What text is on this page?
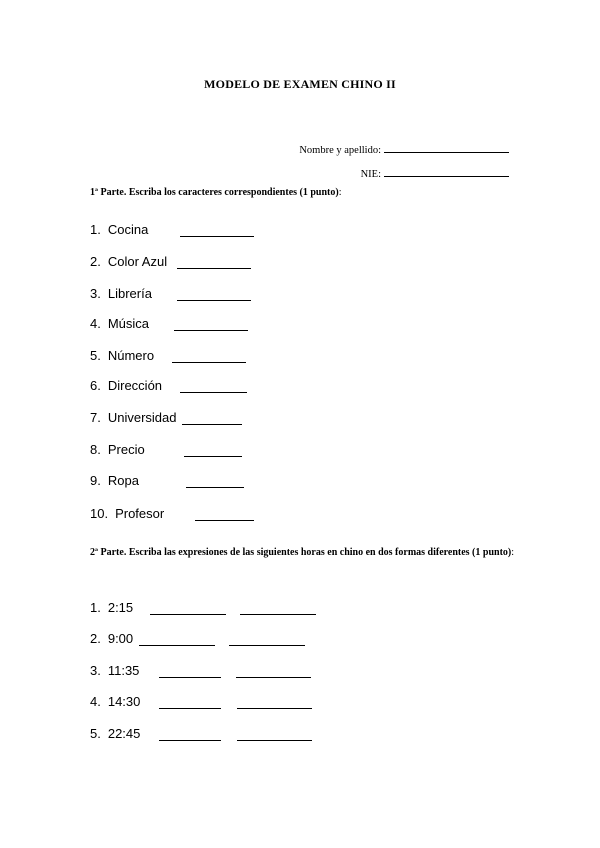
MODELO DE EXAMEN CHINO II
Nombre y apellido:
NIE:
1ª Parte. Escriba los caracteres correspondientes (1 punto):
1. Cocina
2. Color Azul
3. Librería
4. Música
5. Número
6. Dirección
7. Universidad
8. Precio
9. Ropa
10. Profesor
2ª Parte. Escriba las expresiones de las siguientes horas en chino en dos formas diferentes (1 punto):
1. 2:15
2. 9:00
3. 11:35
4. 14:30
5. 22:45
